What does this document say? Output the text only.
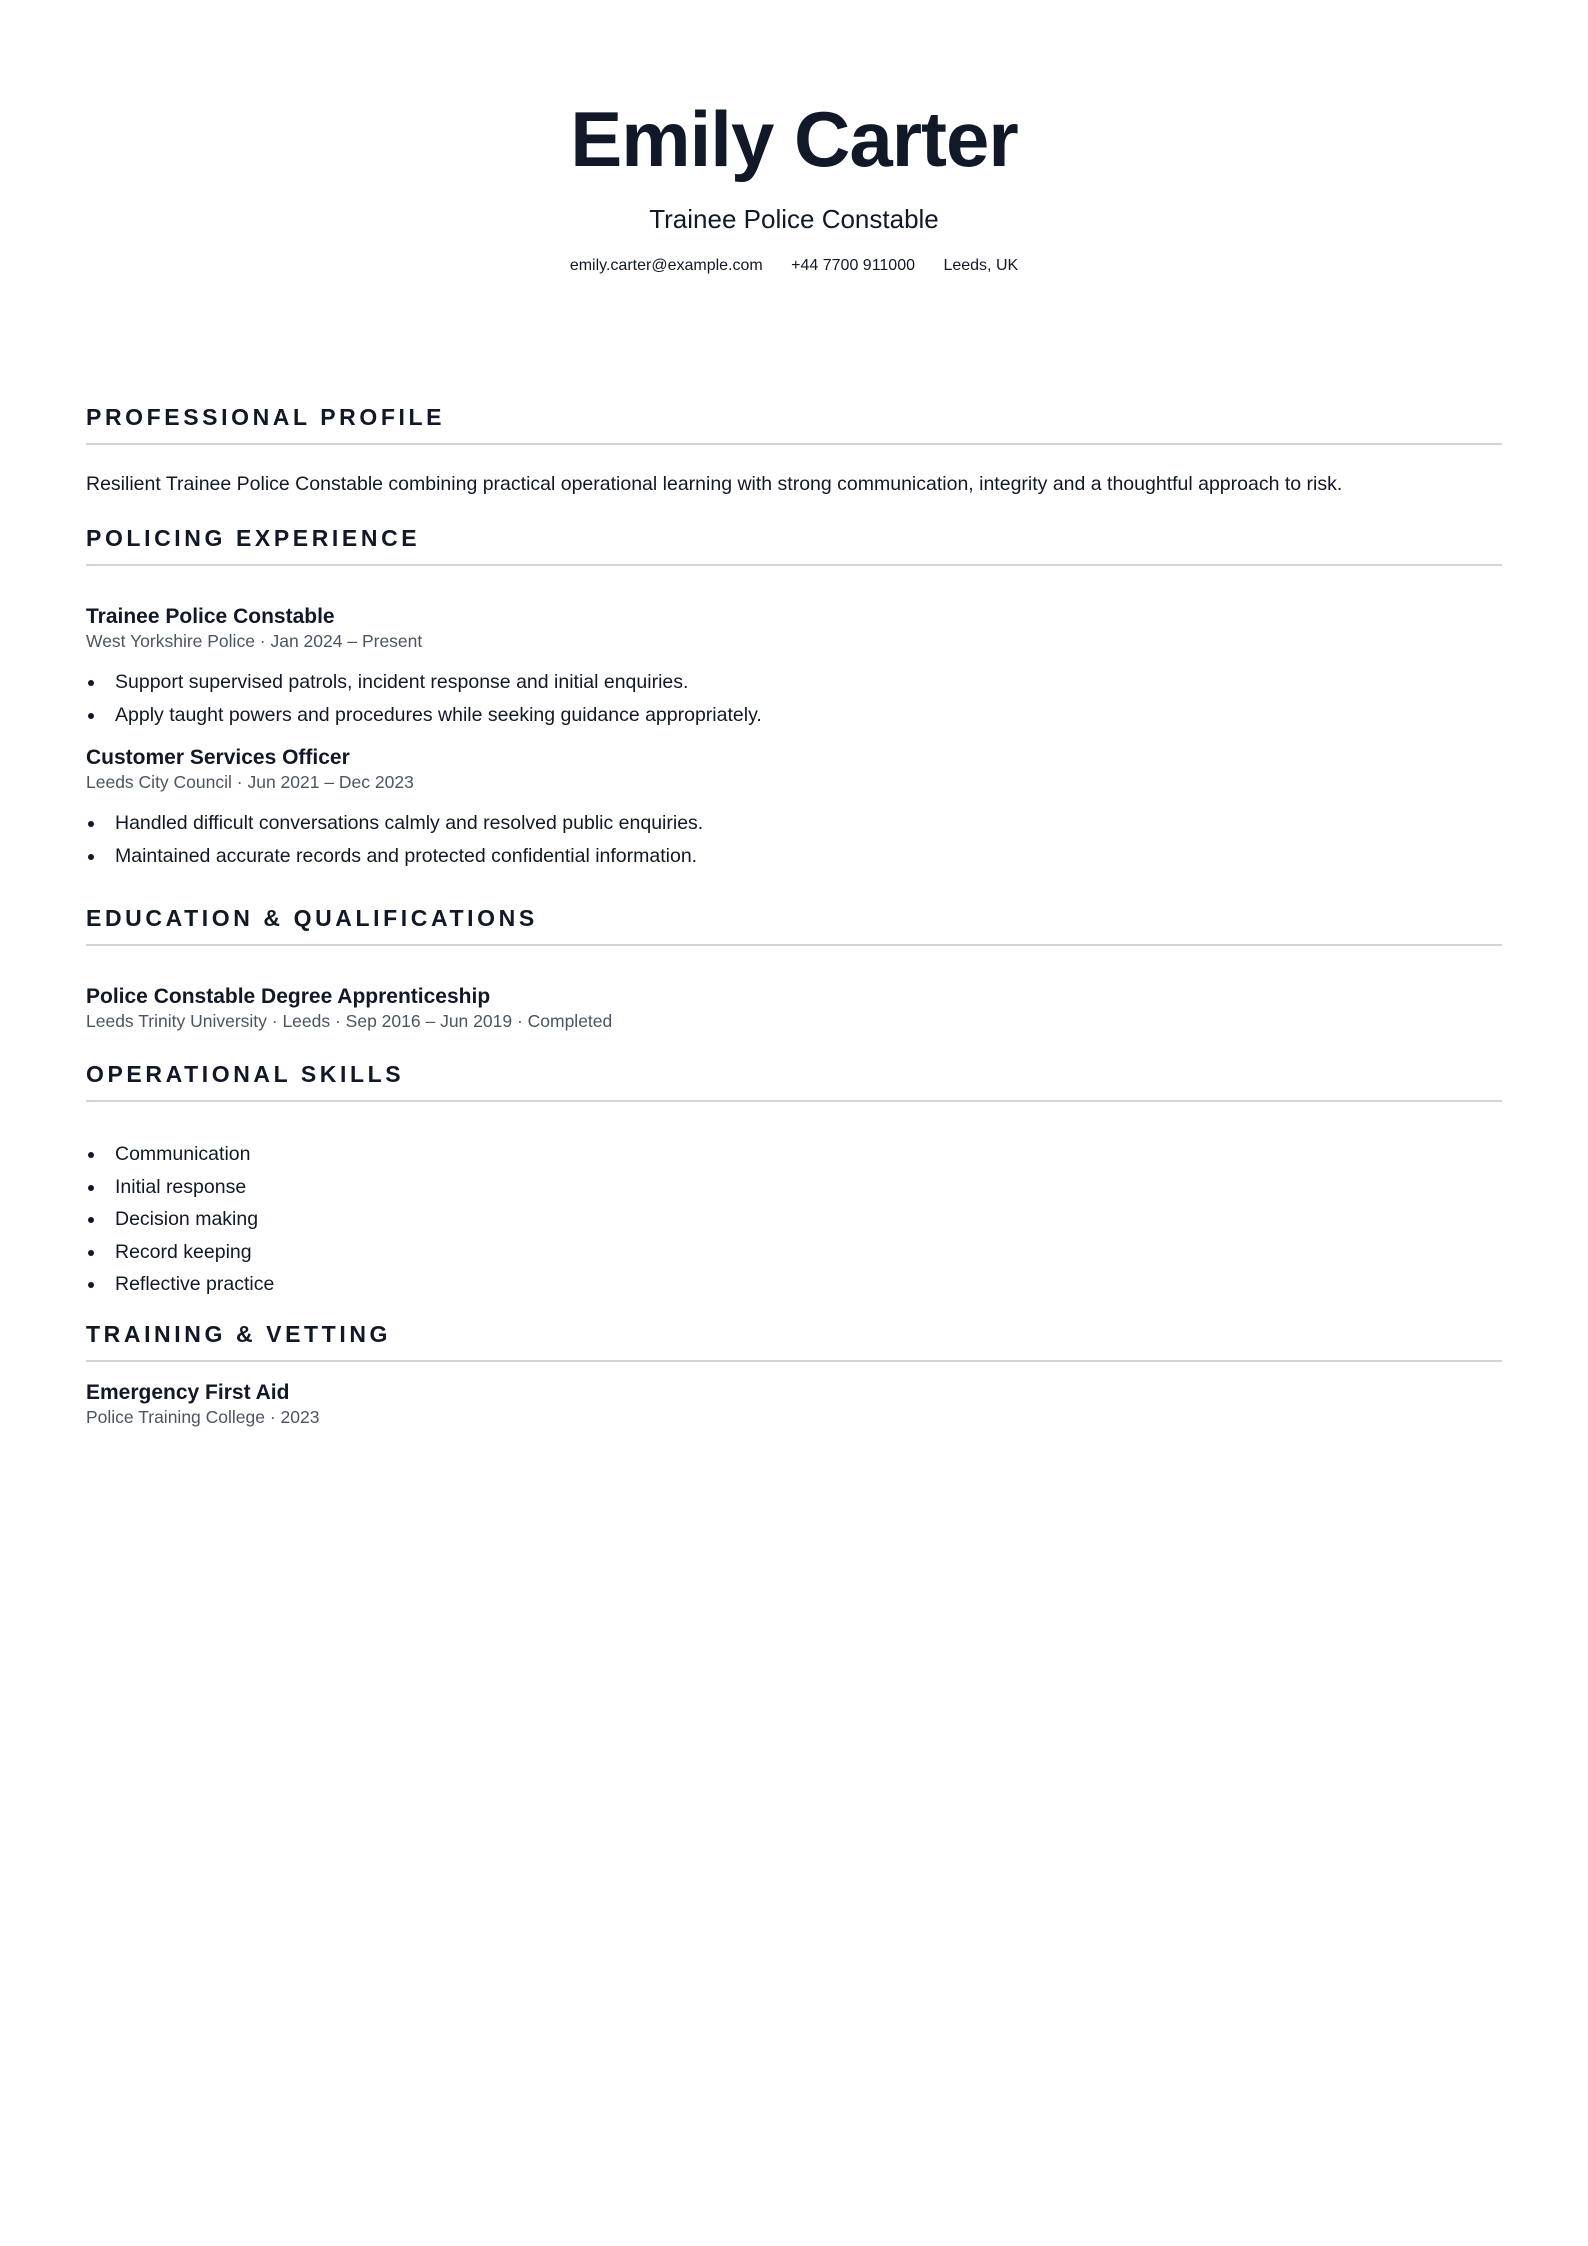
Emily Carter
Trainee Police Constable
emily.carter@example.com +44 7700 911000 Leeds, UK
PROFESSIONAL PROFILE
Resilient Trainee Police Constable combining practical operational learning with strong communication, integrity and a thoughtful approach to risk.
POLICING EXPERIENCE
Trainee Police Constable
West Yorkshire Police · Jan 2024 – Present
Support supervised patrols, incident response and initial enquiries.
Apply taught powers and procedures while seeking guidance appropriately.
Customer Services Officer
Leeds City Council · Jun 2021 – Dec 2023
Handled difficult conversations calmly and resolved public enquiries.
Maintained accurate records and protected confidential information.
EDUCATION & QUALIFICATIONS
Police Constable Degree Apprenticeship
Leeds Trinity University · Leeds · Sep 2016 – Jun 2019 · Completed
OPERATIONAL SKILLS
Communication
Initial response
Decision making
Record keeping
Reflective practice
TRAINING & VETTING
Emergency First Aid
Police Training College · 2023
